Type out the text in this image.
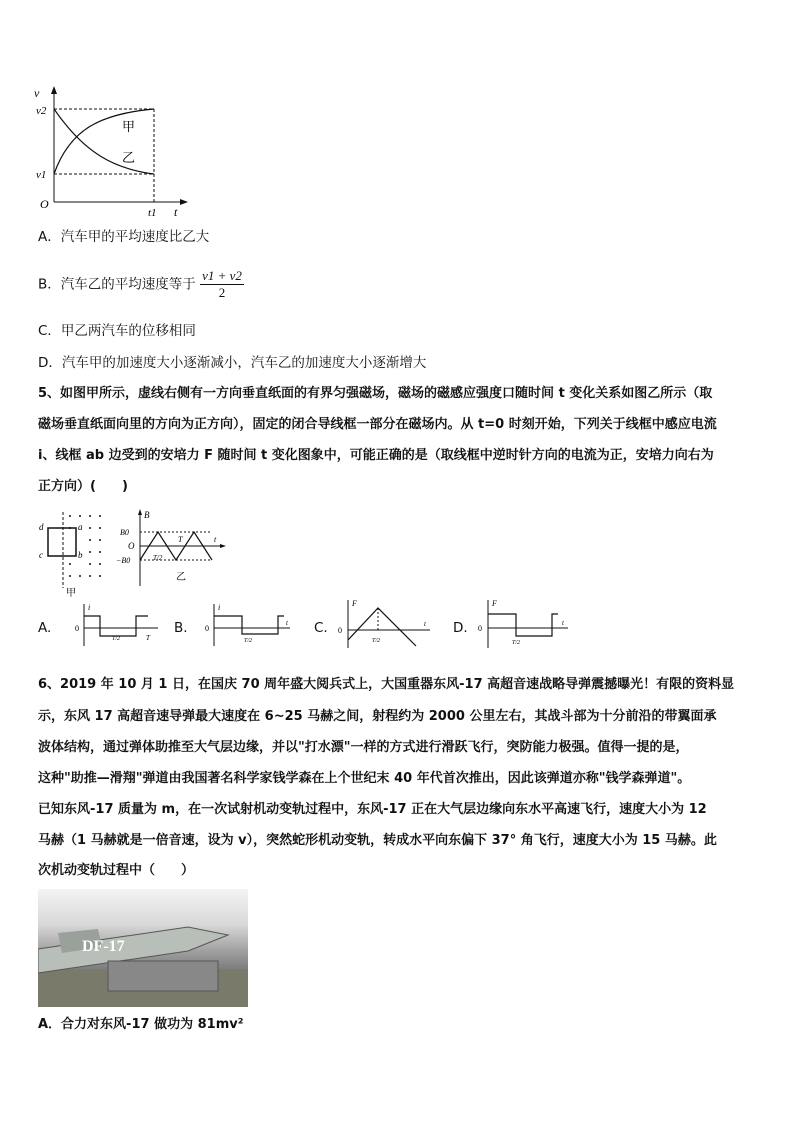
v
v2
v1
O
t1 t
甲
乙
A．汽车甲的平均速度比乙大
B．汽车乙的平均速度等于 $\frac{v1 + v2}{2}$
C．甲乙两汽车的位移相同
D．汽车甲的加速度大小逐渐减小，汽车乙的加速度大小逐渐增大
5、如图甲所示，虚线右侧有一方向垂直纸面的有界匀强磁场，磁场的磁感应强度口随时间 t 变化关系如图乙所示（取
磁场垂直纸面向里的方向为正方向），固定的闭合导线框一部分在磁场内。从 t=0 时刻开始，下列关于线框中感应电流
i、线框 ab 边受到的安培力 F 随时间 t 变化图象中，可能正确的是（取线框中逆时针方向的电流为正，安培力向右为
正方向）(　　)
d	a
c	b
甲
B
B0
O
−B0	T/2
T	t
乙
A.
i
0
T/2	T
B.
i
0
T/2
t C.
F
0
T/2
t D.
F
0
T/2
t
6、2019 年 10 月 1 日，在国庆 70 周年盛大阅兵式上，大国重器东风-17 高超音速战略导弹震撼曝光！有限的资料显
示，东风 17 高超音速导弹最大速度在 6~25 马赫之间，射程约为 2000 公里左右，其战斗部为十分前沿的带翼面承
波体结构，通过弹体助推至大气层边缘，并以"打水漂"一样的方式进行滑跃飞行，突防能力极强。值得一提的是，
这种"助推—滑翔"弹道由我国著名科学家钱学森在上个世纪末 40 年代首次推出，因此该弹道亦称"钱学森弹道"。
已知东风-17 质量为 m，在一次试射机动变轨过程中，东风-17 正在大气层边缘向东水平高速飞行，速度大小为 12
马赫（1 马赫就是一倍音速，设为 v），突然蛇形机动变轨，转成水平向东偏下 37° 角飞行，速度大小为 15 马赫。此
次机动变轨过程中（　　）
DF-17
A．合力对东风-17 做功为 81mv²
